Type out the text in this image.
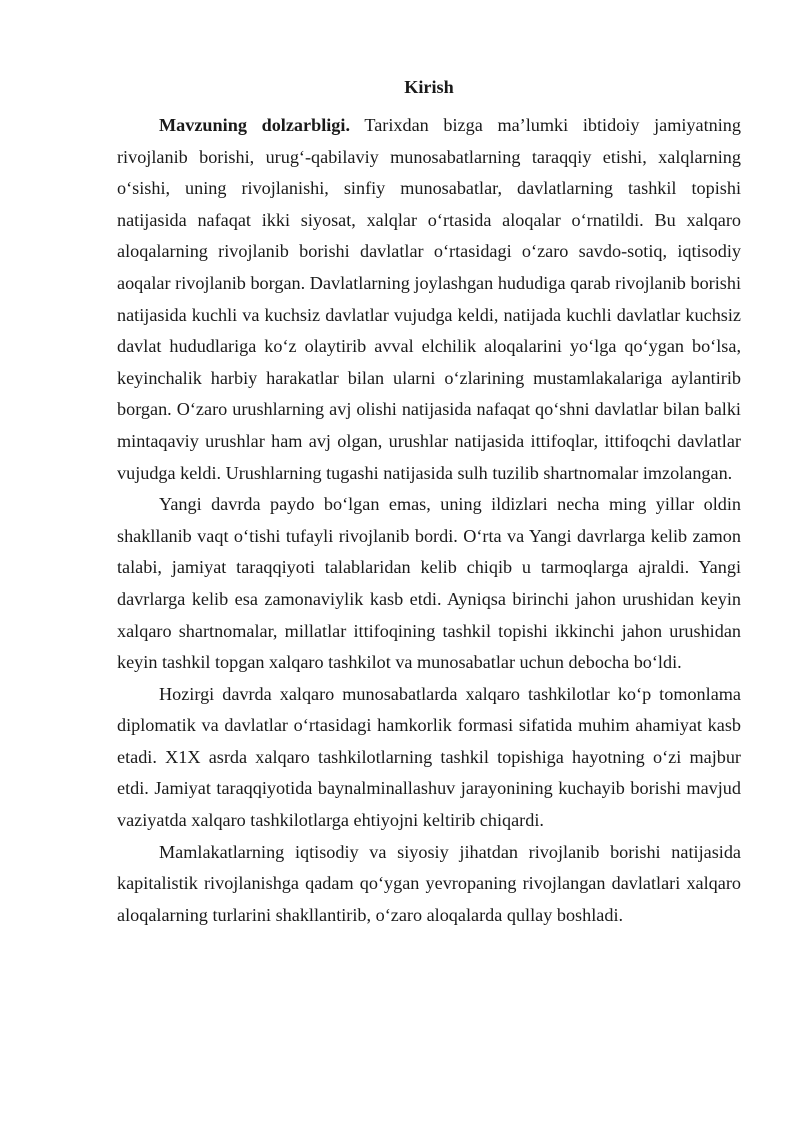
Kirish

Mavzuning dolzarbligi. Tarixdan bizga ma’lumki ibtidoiy jamiyatning rivojlanib borishi, urug‘-qabilaviy munosabatlarning taraqqiy etishi, xalqlarning o‘sishi, uning rivojlanishi, sinfiy munosabatlar, davlatlarning tashkil topishi natijasida nafaqat ikki siyosat, xalqlar o‘rtasida aloqalar o‘rnatildi. Bu xalqaro aloqalarning rivojlanib borishi davlatlar o‘rtasidagi o‘zaro savdo-sotiq, iqtisodiy aoqalar rivojlanib borgan. Davlatlarning joylashgan hududiga qarab rivojlanib borishi natijasida kuchli va kuchsiz davlatlar vujudga keldi, natijada kuchli davlatlar kuchsiz davlat hududlariga ko‘z olaytirib avval elchilik aloqalarini yo‘lga qo‘ygan bo‘lsa, keyinchalik harbiy harakatlar bilan ularni o‘zlarining mustamlakalariga aylantirib borgan. O‘zaro urushlarning avj olishi natijasida nafaqat qo‘shni davlatlar bilan balki mintaqaviy urushlar ham avj olgan, urushlar natijasida ittifoqlar, ittifoqchi davlatlar vujudga keldi. Urushlarning tugashi natijasida sulh tuzilib shartnomalar imzolangan.

Yangi davrda paydo bo‘lgan emas, uning ildizlari necha ming yillar oldin shakllanib vaqt o‘tishi tufayli rivojlanib bordi. O‘rta va Yangi davrlarga kelib zamon talabi, jamiyat taraqqiyoti talablaridan kelib chiqib u tarmoqlarga ajraldi. Yangi davrlarga kelib esa zamonaviylik kasb etdi. Ayniqsa birinchi jahon urushidan keyin xalqaro shartnomalar, millatlar ittifoqining tashkil topishi ikkinchi jahon urushidan keyin tashkil topgan xalqaro tashkilot va munosabatlar uchun debocha bo‘ldi.

Hozirgi davrda xalqaro munosabatlarda xalqaro tashkilotlar ko‘p tomonlama diplomatik va davlatlar o‘rtasidagi hamkorlik formasi sifatida muhim ahamiyat kasb etadi. X1X asrda xalqaro tashkilotlarning tashkil topishiga hayotning o‘zi majbur etdi. Jamiyat taraqqiyotida baynalminallashuv jarayonining kuchayib borishi mavjud vaziyatda xalqaro tashkilotlarga ehtiyojni keltirib chiqardi.

Mamlakatlarning iqtisodiy va siyosiy jihatdan rivojlanib borishi natijasida kapitalistik rivojlanishga qadam qo‘ygan yevropaning rivojlangan davlatlari xalqaro aloqalarning turlarini shakllantirib, o‘zaro aloqalarda qullay boshladi.
